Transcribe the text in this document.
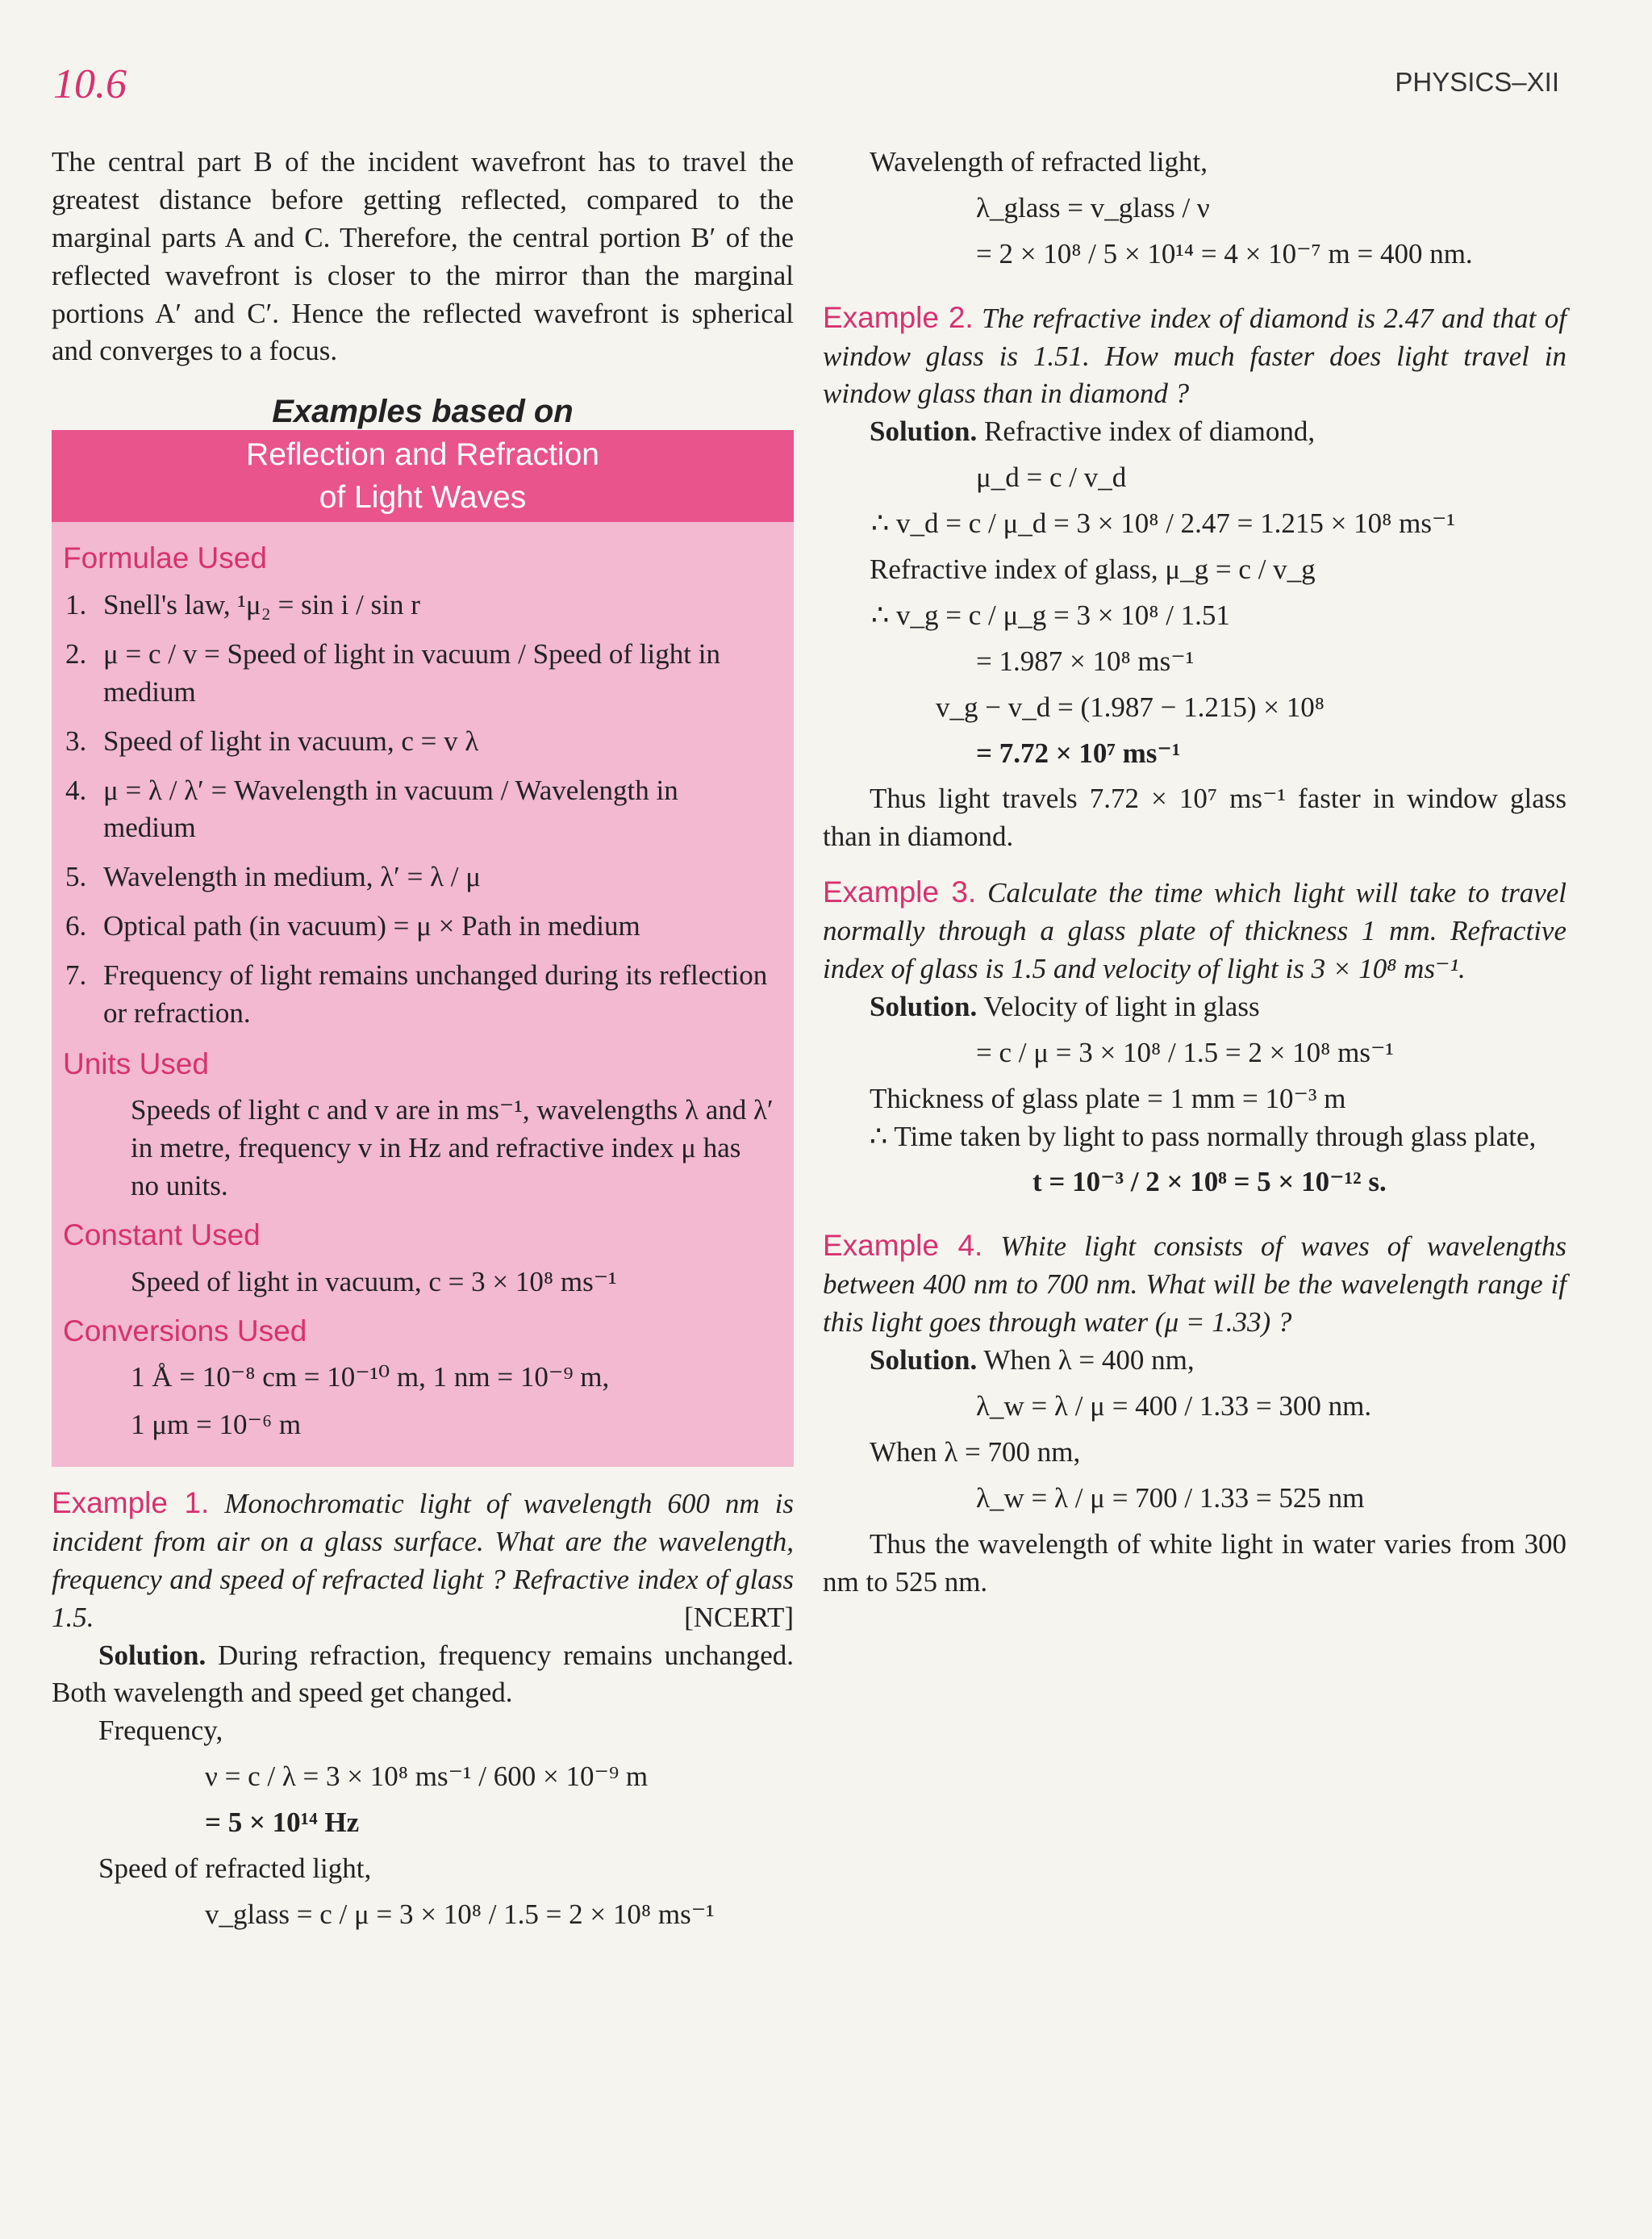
10.6	PHYSICS–XII

The central part B of the incident wavefront has to travel the greatest distance before getting reflected, compared to the marginal parts A and C. Therefore, the central portion B′ of the reflected wavefront is closer to the mirror than the marginal portions A′ and C′. Hence the reflected wavefront is spherical and converges to a focus.

Examples based on
Reflection and Refraction
of Light Waves
Formulae Used
1. Snell's law, ¹μ₂ = sin i / sin r
2. μ = c / v = Speed of light in vacuum / Speed of light in medium
3. Speed of light in vacuum, c = v λ
4. μ = λ / λ′ = Wavelength in vacuum / Wavelength in medium
5. Wavelength in medium, λ′ = λ / μ
6. Optical path (in vacuum) = μ × Path in medium
7. Frequency of light remains unchanged during its reflection or refraction.
Units Used

Speeds of light c and v are in ms⁻¹, wavelengths λ and λ′ in metre, frequency v in Hz and refractive index μ has no units.

Constant Used

Speed of light in vacuum, c = 3 × 10⁸ ms⁻¹

Conversions Used

1 Å = 10⁻⁸ cm = 10⁻¹⁰ m, 1 nm = 10⁻⁹ m,

1 μm = 10⁻⁶ m

Example 1. Monochromatic light of wavelength 600 nm is incident from air on a glass surface. What are the wavelength, frequency and speed of refracted light ? Refractive index of glass 1.5.	[NCERT]

Solution. During refraction, frequency remains unchanged. Both wavelength and speed get changed.

Frequency,

ν = c / λ = 3 × 10⁸ ms⁻¹ / 600 × 10⁻⁹ m

= 5 × 10¹⁴ Hz

Speed of refracted light,

v_glass = c / μ = 3 × 10⁸ / 1.5 = 2 × 10⁸ ms⁻¹

Wavelength of refracted light,

λ_glass = v_glass / ν

= 2 × 10⁸ / 5 × 10¹⁴ = 4 × 10⁻⁷ m = 400 nm.

Example 2. The refractive index of diamond is 2.47 and that of window glass is 1.51. How much faster does light travel in window glass than in diamond ?

Solution. Refractive index of diamond,

μ_d = c / v_d

∴ v_d = c / μ_d = 3 × 10⁸ / 2.47 = 1.215 × 10⁸ ms⁻¹

Refractive index of glass, μ_g = c / v_g

∴ v_g = c / μ_g = 3 × 10⁸ / 1.51

= 1.987 × 10⁸ ms⁻¹

v_g − v_d = (1.987 − 1.215) × 10⁸

= 7.72 × 10⁷ ms⁻¹

Thus light travels 7.72 × 10⁷ ms⁻¹ faster in window glass than in diamond.

Example 3. Calculate the time which light will take to travel normally through a glass plate of thickness 1 mm. Refractive index of glass is 1.5 and velocity of light is 3 × 10⁸ ms⁻¹.

Solution. Velocity of light in glass

= c / μ = 3 × 10⁸ / 1.5 = 2 × 10⁸ ms⁻¹

Thickness of glass plate = 1 mm = 10⁻³ m

∴ Time taken by light to pass normally through glass plate,

t = 10⁻³ / 2 × 10⁸ = 5 × 10⁻¹² s.

Example 4. White light consists of waves of wavelengths between 400 nm to 700 nm. What will be the wavelength range if this light goes through water (μ = 1.33) ?

Solution. When λ = 400 nm,

λ_w = λ / μ = 400 / 1.33 = 300 nm.

When λ = 700 nm,

λ_w = λ / μ = 700 / 1.33 = 525 nm

Thus the wavelength of white light in water varies from 300 nm to 525 nm.
